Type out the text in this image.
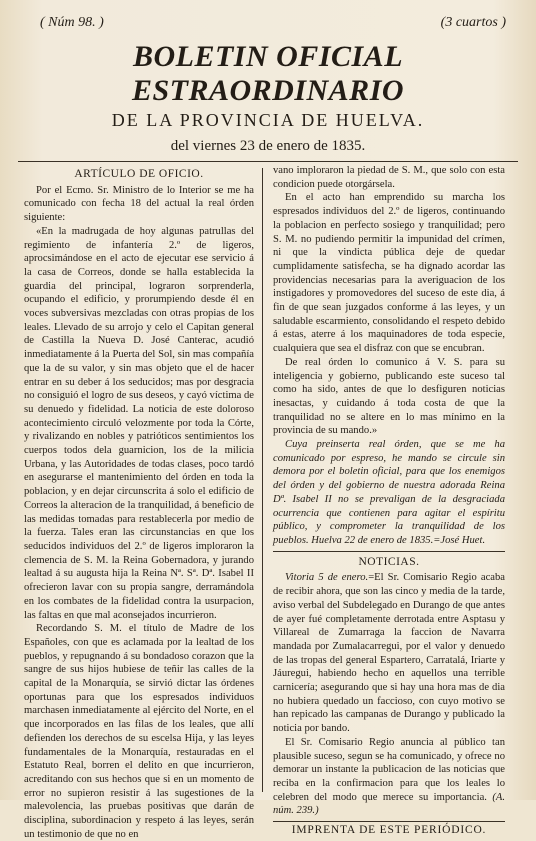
( Núm 98. )	(3 cuartos )
BOLETIN OFICIAL ESTRAORDINARIO
DE LA PROVINCIA DE HUELVA.
del viernes 23 de enero de 1835.
ARTÍCULO DE OFICIO.

Por el Ecmo. Sr. Ministro de lo Interior se me ha comunicado con fecha 18 del actual la real órden siguiente:

«En la madrugada de hoy algunas patrullas del regimiento de infantería 2.º de ligeros, aprocsimándose en el acto de ejecutar ese servicio á la casa de Correos, donde se halla establecida la guardia del principal, lograron sorprenderla, ocupando el edificio, y prorumpiendo desde él en voces subversivas mezcladas con otras propias de los leales. Llevado de su arrojo y celo el Capitan general de Castilla la Nueva D. José Canterac, acudió inmediatamente á la Puerta del Sol, sin mas compañía que la de su valor, y sin mas objeto que el de hacer entrar en su deber á los seducidos; mas por desgracia no consiguió el logro de sus deseos, y cayó víctima de su denuedo y fidelidad. La noticia de este doloroso acontecimiento circuló velozmente por toda la Córte, y rivalizando en nobles y patrióticos sentimientos los cuerpos todos dela guarnicion, los de la milicia Urbana, y las Autoridades de todas clases, poco tardó en asegurarse el mantenimiento del órden en toda la poblacion, y en dejar circunscrita á solo el edificio de Correos la alteracion de la tranquilidad, á beneficio de las medidas tomadas para restablecerla por medio de la fuerza. Tales eran las circunstancias en que los seducidos individuos del 2.º de ligeros imploraron la clemencia de S. M. la Reina Gobernadora, y jurando lealtad á su augusta hija la Reina Nª. Sª. Dª. Isabel II ofrecieron lavar con su propia sangre, derramándola en los combates de la fidelidad contra la usurpacion, las faltas en que mal aconsejados incurrieron.

Recordando S. M. el título de Madre de los Españoles, con que es aclamada por la lealtad de los pueblos, y repugnando á su bondadoso corazon que la sangre de sus hijos hubiese de teñir las calles de la capital de la Monarquía, se sirvió dictar las órdenes oportunas para que los espresados individuos marchasen inmediatamente al ejército del Norte, en el que incorporados en las filas de los leales, que allí defienden los derechos de su escelsa Hija, y las leyes fundamentales de la Monarquía, restauradas en el Estatuto Real, borren el delito en que incurrieron, acreditando con sus hechos que si en un momento de error no supieron resistir á las sugestiones de la malevolencia, las pruebas positivas que darán de disciplina, subordinacion y respeto á las leyes, serán un testimonio de que no en

vano imploraron la piedad de S. M., que solo con esta condicion puede otorgársela.

En el acto han emprendido su marcha los espresados individuos del 2.º de ligeros, continuando la poblacion en perfecto sosiego y tranquilidad; pero S. M. no pudiendo permitir la impunidad del crímen, ni que la vindicta pública deje de quedar cumplidamente satisfecha, se ha dignado acordar las providencias necesarias para la averiguacion de los instigadores y promovedores del suceso de este dia, á fin de que sean juzgados conforme á las leyes, y un saludable escarmiento, consolidando el respeto debido á estas, aterre á los maquinadores de toda especie, cualquiera que sea el disfraz con que se encubran.

De real órden lo comunico á V. S. para su inteligencia y gobierno, publicando este suceso tal como ha sido, antes de que lo desfiguren noticias inesactas, y cuidando á toda costa de que la tranquilidad no se altere en lo mas mínimo en la provincia de su mando.»

Cuya preinserta real órden, que se me ha comunicado por espreso, he mando se circule sin demora por el boletin oficial, para que los enemigos del órden y del gobierno de nuestra adorada Reina Dª. Isabel II no se prevaligan de la desgraciada ocurrencia que contienen para agitar el espíritu público, y comprometer la tranquilidad de los pueblos. Huelva 22 de enero de 1835.=José Huet.

NOTICIAS.

Vitoria 5 de enero.=El Sr. Comisario Regio acaba de recibir ahora, que son las cinco y media de la tarde, aviso verbal del Subdelegado en Durango de que antes de ayer fué completamente derrotada entre Asptasu y Villareal de Zumarraga la faccion de Navarra mandada por Zumalacarregui, por el valor y denuedo de las tropas del general Espartero, Carratalá, Iriarte y Jáuregui, habiendo hecho en aquellos una terrible carnicería; asegurando que si hay una hora mas de dia no hubiera quedado un faccioso, con cuyo motivo se han repicado las campanas de Durango y publicado la noticia por bando.

El Sr. Comisario Regio anuncia al público tan plausible suceso, segun se ha comunicado, y ofrece no demorar un instante la publicacion de las noticias que reciba en la confirmacion para que los leales lo celebren del modo que merece su importancia. (A. núm. 239.)

IMPRENTA DE ESTE PERIÓDICO.
